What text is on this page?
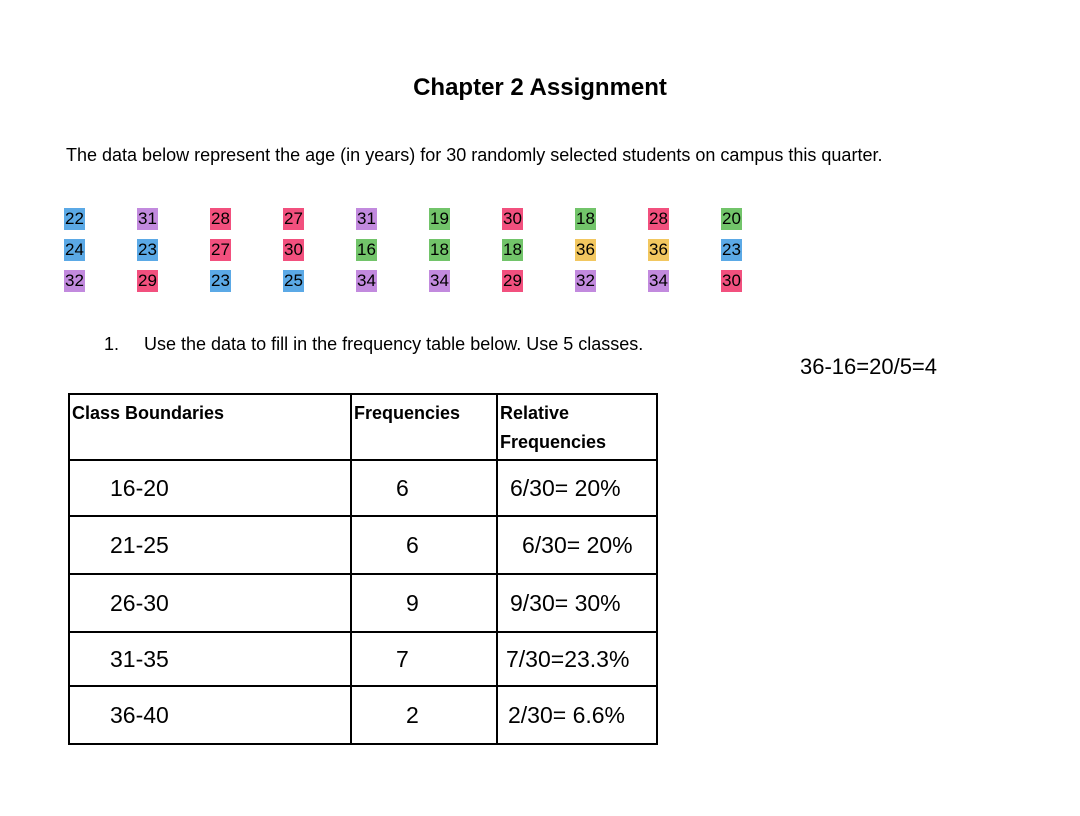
Chapter 2 Assignment
The data below represent the age (in years) for 30 randomly selected students on campus this quarter.
22	31	28	27	31	19	30	18	28	20
24	23	27	30	16	18	18	36	36	23
32	29	23	25	34	34	29	32	34	30
1. Use the data to fill in the frequency table below. Use 5 classes.
36-16=20/5=4
Class Boundaries	Frequencies	Relative
Frequencies
16-20	6	6/30= 20%
21-25	6	6/30= 20%
26-30	9	9/30= 30%
31-35	7	7/30=23.3%
36-40	2	2/30= 6.6%
